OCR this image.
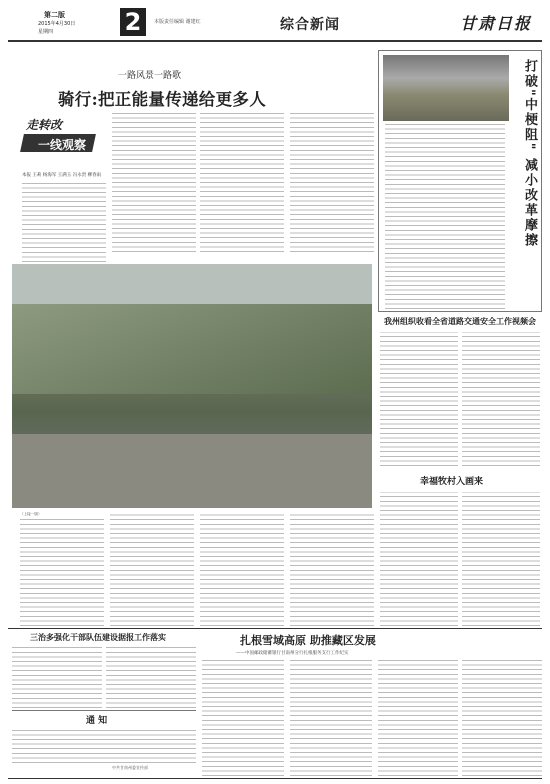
第二版
2015年4月30日
星期四	2	本版责任编辑 谢建红	综合新闻	甘肃日报
一路风景一路歌
骑行:把正能量传递给更多人
走转改
一线观察
本报 王莉 杨海军 王满玉 冯永贵 柳春雨
（上接一版）
打破"中梗阻" 减小改革摩擦
我州组织收看全省道路交通安全工作视频会
幸福牧村入画来
三治多强化干部队伍建设据报工作落实
通 知
中共甘南州委宣传部
扎根雪域高原 助推藏区发展
——中国邮政储蓄银行甘南州分行扎根服务支行工作纪实
